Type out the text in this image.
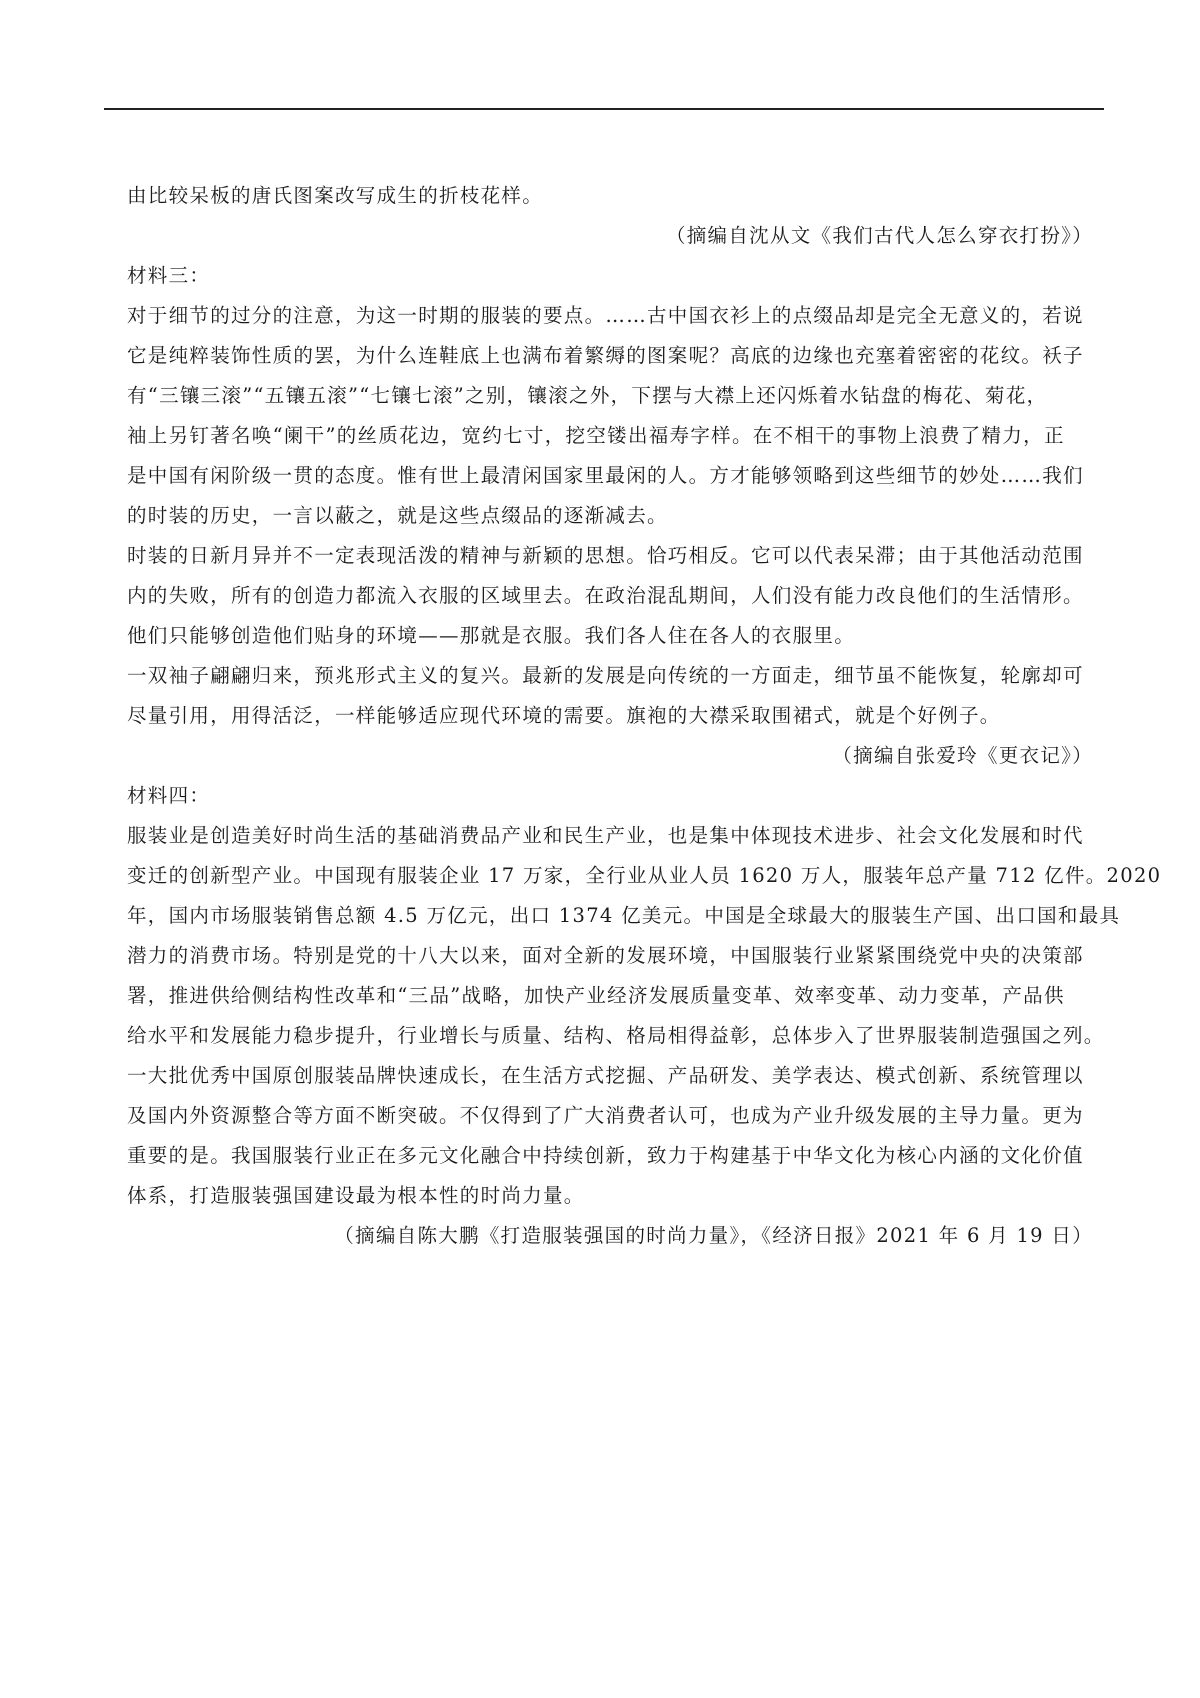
由比较呆板的唐氏图案改写成生的折枝花样。
（摘编自沈从文《我们古代人怎么穿衣打扮》）
材料三：
对于细节的过分的注意，为这一时期的服装的要点。……古中国衣衫上的点缀品却是完全无意义的，若说
它是纯粹装饰性质的罢，为什么连鞋底上也满布着繁缛的图案呢？高底的边缘也充塞着密密的花纹。袄子
有“三镶三滚”“五镶五滚”“七镶七滚”之别，镶滚之外，下摆与大襟上还闪烁着水钻盘的梅花、菊花，
袖上另钉著名唤“阑干”的丝质花边，宽约七寸，挖空镂出福寿字样。在不相干的事物上浪费了精力，正
是中国有闲阶级一贯的态度。惟有世上最清闲国家里最闲的人。方才能够领略到这些细节的妙处……我们
的时装的历史，一言以蔽之，就是这些点缀品的逐渐减去。
时装的日新月异并不一定表现活泼的精神与新颖的思想。恰巧相反。它可以代表呆滞；由于其他活动范围
内的失败，所有的创造力都流入衣服的区域里去。在政治混乱期间，人们没有能力改良他们的生活情形。
他们只能够创造他们贴身的环境——那就是衣服。我们各人住在各人的衣服里。
一双袖子翩翩归来，预兆形式主义的复兴。最新的发展是向传统的一方面走，细节虽不能恢复，轮廓却可
尽量引用，用得活泛，一样能够适应现代环境的需要。旗袍的大襟采取围裙式，就是个好例子。
（摘编自张爱玲《更衣记》）
材料四：
服装业是创造美好时尚生活的基础消费品产业和民生产业，也是集中体现技术进步、社会文化发展和时代
变迁的创新型产业。中国现有服装企业 17 万家，全行业从业人员 1620 万人，服装年总产量 712 亿件。2020
年，国内市场服装销售总额 4.5 万亿元，出口 1374 亿美元。中国是全球最大的服装生产国、出口国和最具
潜力的消费市场。特别是党的十八大以来，面对全新的发展环境，中国服装行业紧紧围绕党中央的决策部
署，推进供给侧结构性改革和“三品”战略，加快产业经济发展质量变革、效率变革、动力变革，产品供
给水平和发展能力稳步提升，行业增长与质量、结构、格局相得益彰，总体步入了世界服装制造强国之列。
一大批优秀中国原创服装品牌快速成长，在生活方式挖掘、产品研发、美学表达、模式创新、系统管理以
及国内外资源整合等方面不断突破。不仅得到了广大消费者认可，也成为产业升级发展的主导力量。更为
重要的是。我国服装行业正在多元文化融合中持续创新，致力于构建基于中华文化为核心内涵的文化价值
体系，打造服装强国建设最为根本性的时尚力量。
（摘编自陈大鹏《打造服装强国的时尚力量》，《经济日报》2021 年 6 月 19 日）
